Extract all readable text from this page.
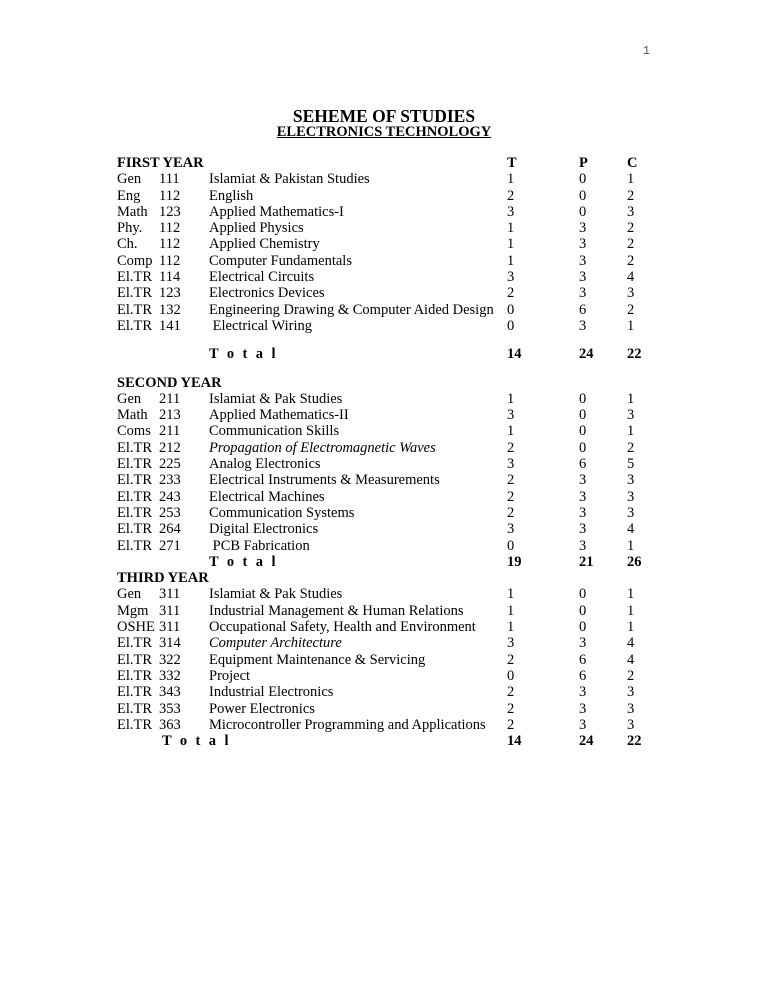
1
SEHEME OF STUDIES
ELECTRONICS TECHNOLOGY
FIRST YEAR	T	P	C
Gen 111 Islamiat & Pakistan Studies	1	0	1
Eng 112 English	2	0	2
Math 123 Applied Mathematics-I	3	0	3
Phy. 112 Applied Physics	1	3	2
Ch. 112 Applied Chemistry	1	3	2
Comp 112 Computer Fundamentals	1	3	2
El.TR 114 Electrical Circuits	3	3	4
El.TR 123 Electronics Devices	2	3	3
El.TR 132 Engineering Drawing & Computer Aided Design 0	6	2
El.TR 141 Electrical Wiring	0	3	1
T o t a l	14	24 22
SECOND YEAR
Gen 211 Islamiat & Pak Studies	1	0	1
Math 213 Applied Mathematics-II	3	0	3
Coms 211 Communication Skills	1	0	1
El.TR 212 Propagation of Electromagnetic Waves	2	0	2
El.TR 225 Analog Electronics	3	6	5
El.TR 233 Electrical Instruments & Measurements	2	3	3
El.TR 243 Electrical Machines	2	3	3
El.TR 253 Communication Systems	2	3	3
El.TR 264 Digital Electronics	3	3	4
El.TR 271 PCB Fabrication	0	3	1
T o t a l	19	21 26
THIRD YEAR
Gen 311 Islamiat & Pak Studies	1	0	1
Mgm 311 Industrial Management & Human Relations	1	0	1
OSHE 311 Occupational Safety, Health and Environment 1	0	1
El.TR 314 Computer Architecture	3	3	4
El.TR 322 Equipment Maintenance & Servicing	2	6	4
El.TR 332 Project	0	6	2
El.TR 343 Industrial Electronics	2	3	3
El.TR 353 Power Electronics	2	3	3
El.TR 363 Microcontroller Programming and Applications 2	3	3
T o t a l	14	24 22
